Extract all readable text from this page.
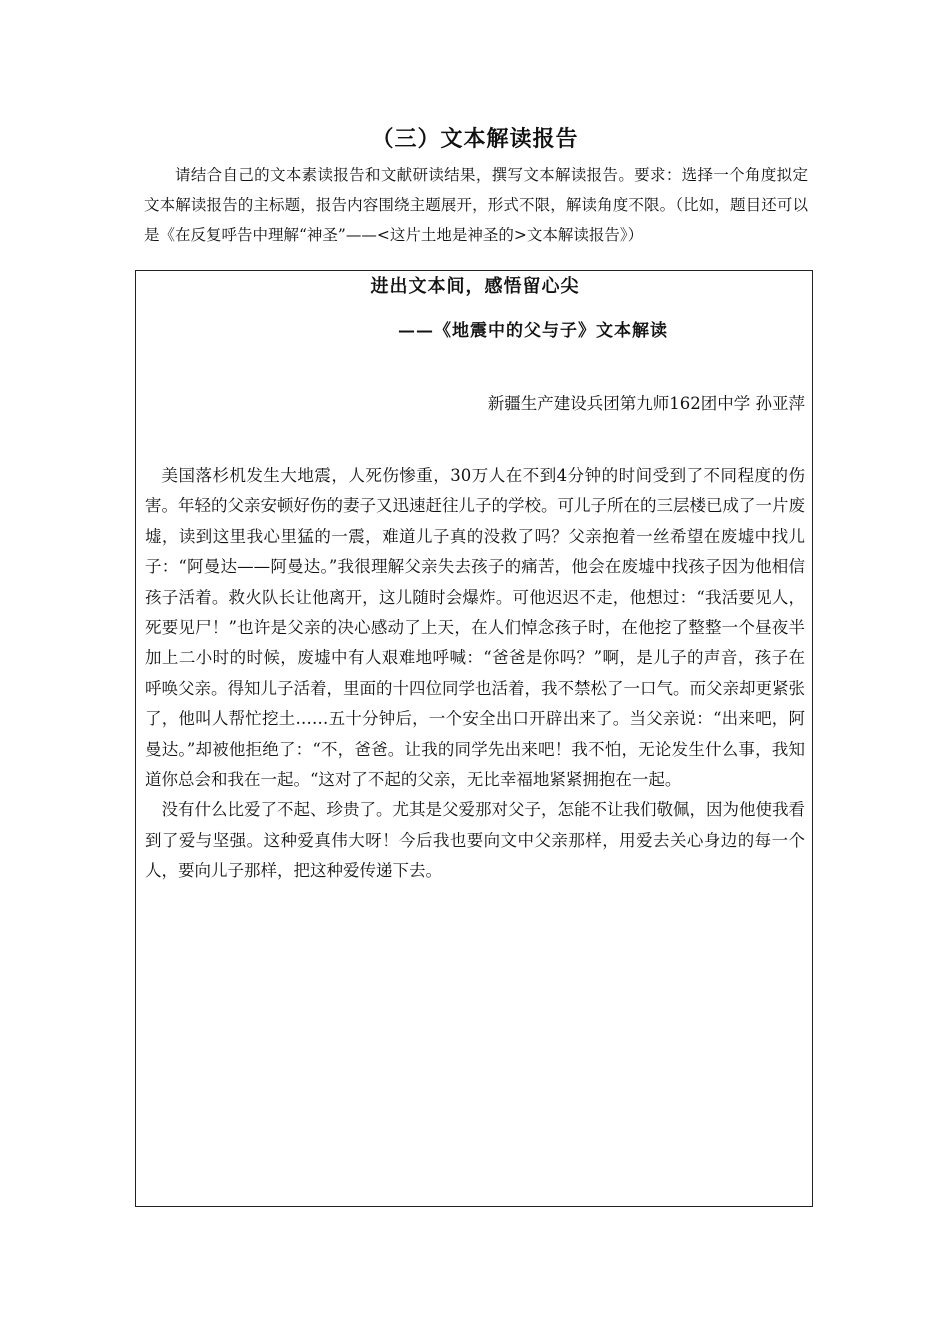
（三）文本解读报告

请结合自己的文本素读报告和文献研读结果，撰写文本解读报告。要求：选择一个角度拟定文本解读报告的主标题，报告内容围绕主题展开，形式不限，解读角度不限。（比如，题目还可以是《在反复呼告中理解“神圣”——<这片土地是神圣的>文本解读报告》）

进出文本间，感悟留心尖
——《地震中的父与子》文本解读
新疆生产建设兵团第九师162团中学 孙亚萍

美国落杉机发生大地震，人死伤惨重，30万人在不到4分钟的时间受到了不同程度的伤害。年轻的父亲安顿好伤的妻子又迅速赶往儿子的学校。可儿子所在的三层楼已成了一片废墟，读到这里我心里猛的一震，难道儿子真的没救了吗？父亲抱着一丝希望在废墟中找儿子：“阿曼达——阿曼达。”我很理解父亲失去孩子的痛苦，他会在废墟中找孩子因为他相信孩子活着。救火队长让他离开，这儿随时会爆炸。可他迟迟不走，他想过：“我活要见人，死要见尸！”也许是父亲的决心感动了上天，在人们悼念孩子时，在他挖了整整一个昼夜半加上二小时的时候，废墟中有人艰难地呼喊：“爸爸是你吗？”啊，是儿子的声音，孩子在呼唤父亲。得知儿子活着，里面的十四位同学也活着，我不禁松了一口气。而父亲却更紧张了，他叫人帮忙挖土……五十分钟后，一个安全出口开辟出来了。当父亲说：“出来吧，阿曼达。”却被他拒绝了：“不，爸爸。让我的同学先出来吧！我不怕，无论发生什么事，我知道你总会和我在一起。“这对了不起的父亲，无比幸福地紧紧拥抱在一起。

没有什么比爱了不起、珍贵了。尤其是父爱那对父子，怎能不让我们敬佩，因为他使我看到了爱与坚强。这种爱真伟大呀！今后我也要向文中父亲那样，用爱去关心身边的每一个人，要向儿子那样，把这种爱传递下去。
